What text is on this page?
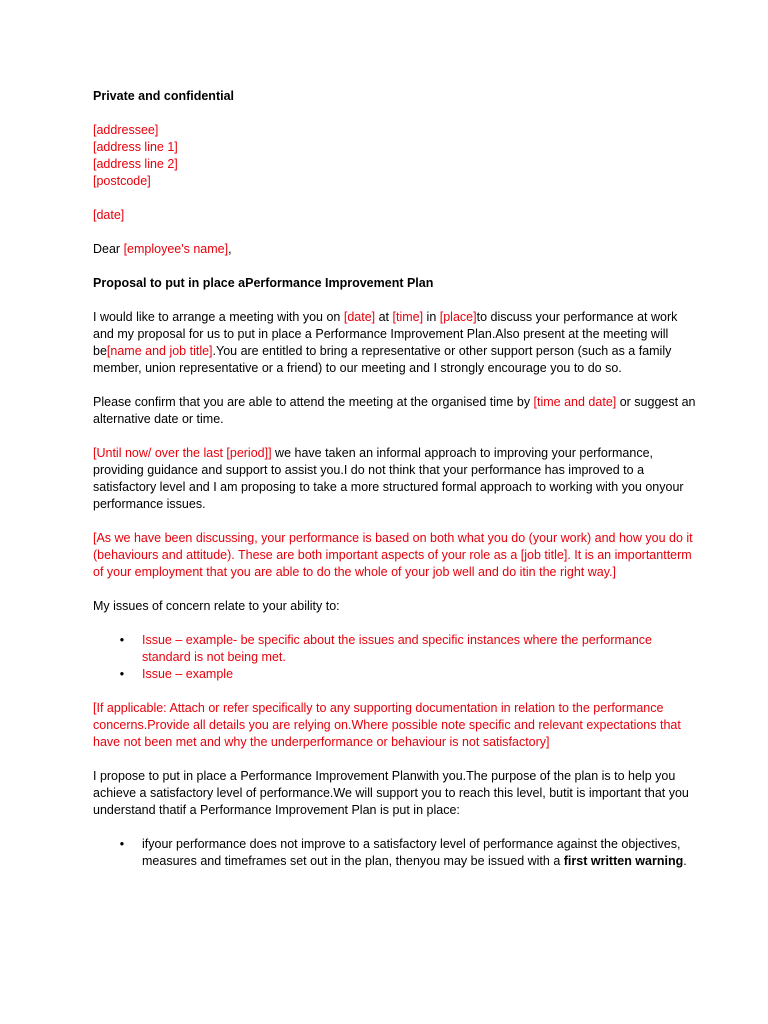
Private and confidential

[addressee]

[address line 1]

[address line 2]

[postcode]

[date]

Dear [employee's name],

Proposal to put in place aPerformance Improvement Plan

I would like to arrange a meeting with you on [date] at [time] in [place]to discuss your performance at work and my proposal for us to put in place a Performance Improvement Plan.Also present at the meeting will be[name and job title].You are entitled to bring a representative or other support person (such as a family member, union representative or a friend) to our meeting and I strongly encourage you to do so.

Please confirm that you are able to attend the meeting at the organised time by [time and date] or suggest an alternative date or time.

[Until now/ over the last [period]] we have taken an informal approach to improving your performance, providing guidance and support to assist you.I do not think that your performance has improved to a satisfactory level and I am proposing to take a more structured formal approach to working with you onyour performance issues.

[As we have been discussing, your performance is based on both what you do (your work) and how you do it (behaviours and attitude). These are both important aspects of your role as a [job title]. It is an importantterm of your employment that you are able to do the whole of your job well and do itin the right way.]

My issues of concern relate to your ability to:

• Issue – example- be specific about the issues and specific instances where the performance standard is not being met.
• Issue – example

[If applicable: Attach or refer specifically to any supporting documentation in relation to the performance concerns.Provide all details you are relying on.Where possible note specific and relevant expectations that have not been met and why the underperformance or behaviour is not satisfactory]

I propose to put in place a Performance Improvement Planwith you.The purpose of the plan is to help you achieve a satisfactory level of performance.We will support you to reach this level, butit is important that you understand thatif a Performance Improvement Plan is put in place:

• ifyour performance does not improve to a satisfactory level of performance against the objectives, measures and timeframes set out in the plan, thenyou may be issued with a first written warning.
